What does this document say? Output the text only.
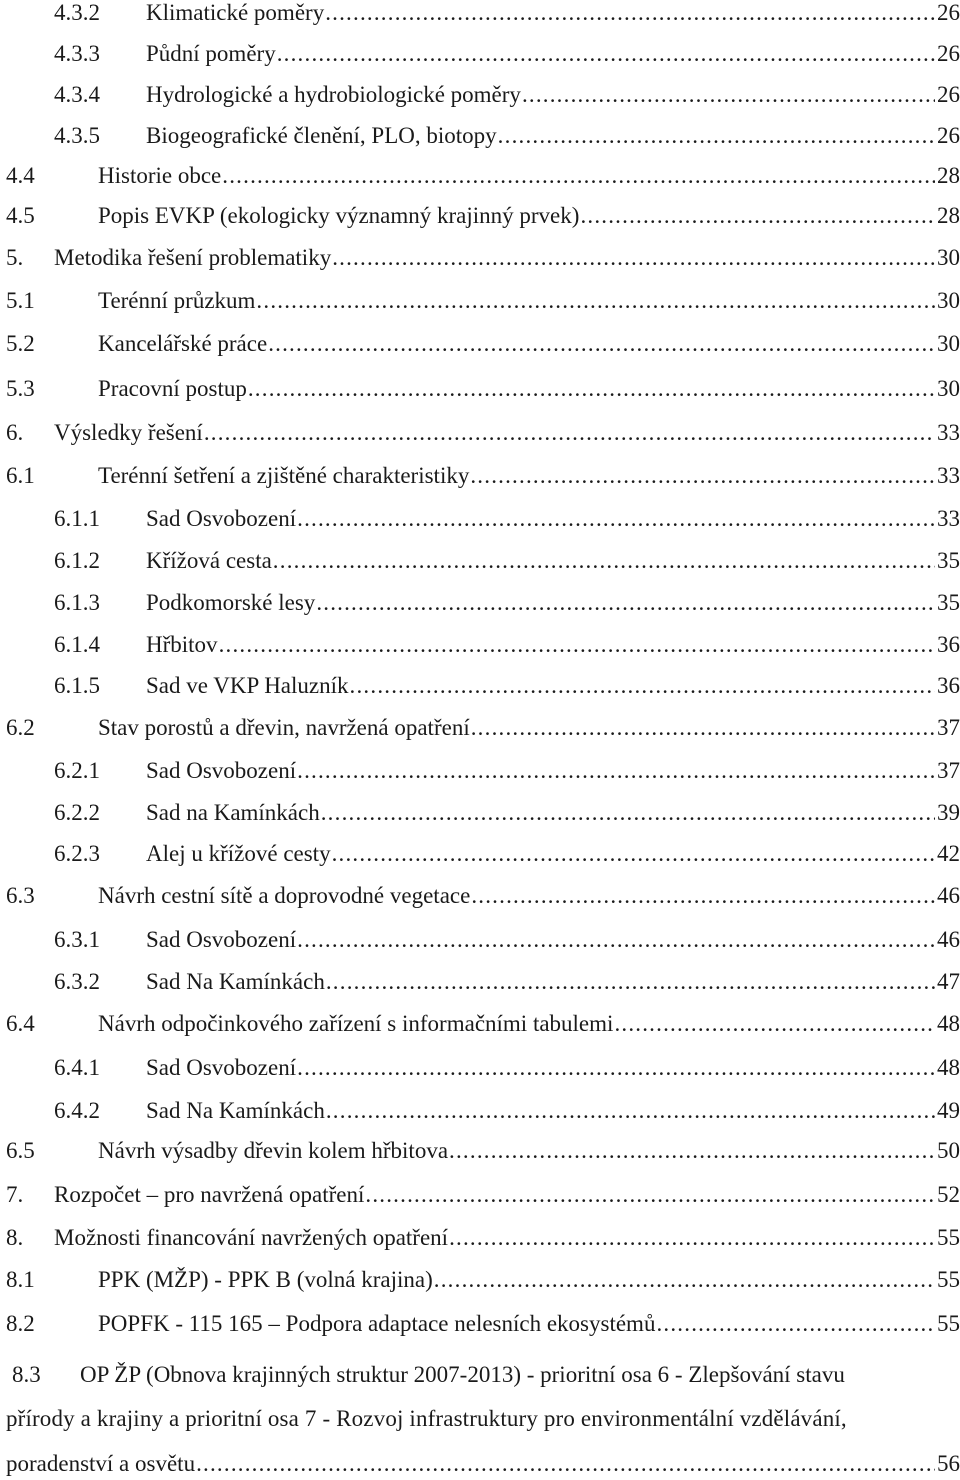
4.3.2 Klimatické poměry .....	26
4.3.3 Půdní poměry .....	26
4.3.4 Hydrologické a hydrobiologické poměry .....	26
4.3.5 Biogeografické členění, PLO, biotopy .....	26
4.4	Historie obce .....	28
4.5	Popis EVKP (ekologicky významný krajinný prvek) .....	28
5. Metodika řešení problematiky .....	30
5.1	Terénní průzkum .....	30
5.2	Kancelářské práce .....	30
5.3	Pracovní postup .....	30
6. Výsledky řešení .....	33
6.1	Terénní šetření a zjištěné charakteristiky .....	33
6.1.1 Sad Osvobození .....	33
6.1.2 Křížová cesta .....	35
6.1.3 Podkomorské lesy .....	35
6.1.4 Hřbitov .....	36
6.1.5 Sad ve VKP Haluzník .....	36
6.2	Stav porostů a dřevin, navržená opatření .....	37
6.2.1 Sad Osvobození .....	37
6.2.2 Sad na Kamínkách .....	39
6.2.3 Alej u křížové cesty .....	42
6.3	Návrh cestní sítě a doprovodné vegetace .....	46
6.3.1 Sad Osvobození .....	46
6.3.2 Sad Na Kamínkách .....	47
6.4	Návrh odpočinkového zařízení s informačními tabulemi .....	48
6.4.1 Sad Osvobození .....	48
6.4.2 Sad Na Kamínkách .....	49
6.5	Návrh výsadby dřevin kolem hřbitova .....	50
7. Rozpočet – pro navržená opatření .....	52
8. Možnosti financování navržených opatření .....	55
8.1	PPK (MŽP) - PPK B (volná krajina) .....	55
8.2	POPFK - 115 165 – Podpora adaptace nelesních ekosystémů .....	55
8.3 OP ŽP (Obnova krajinných struktur 2007-2013) - prioritní osa 6 - Zlepšování stavu
přírody a krajiny a prioritní osa 7 - Rozvoj infrastruktury pro environmentální vzdělávání,
poradenství a osvětu .....	56
